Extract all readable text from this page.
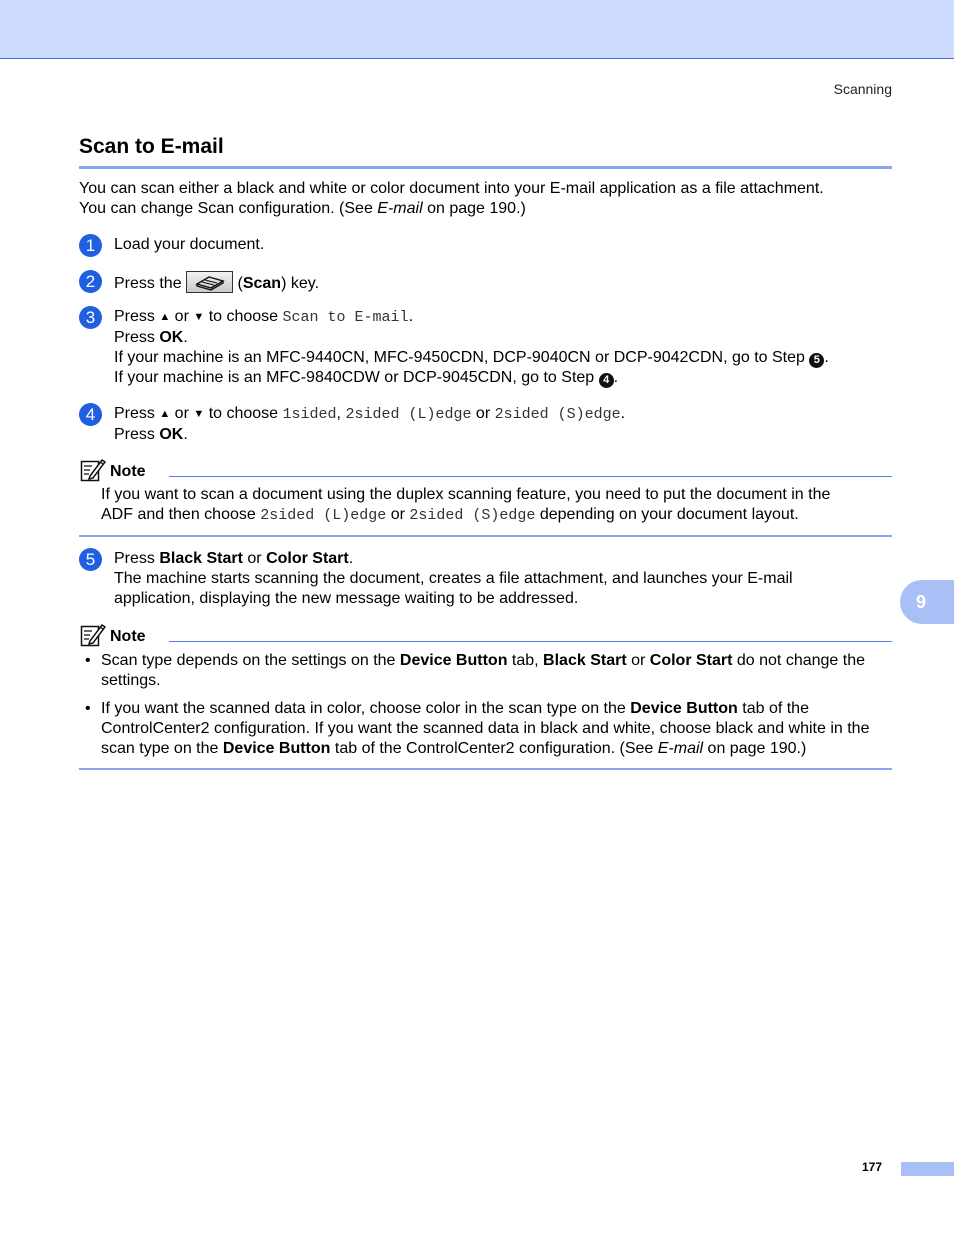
Scanning
Scan to E-mail

You can scan either a black and white or color document into your E-mail application as a file attachment.
You can change Scan configuration. (See E-mail on page 190.)

1	Load your document.
2	Press the	(Scan) key.
3	Press ▲ or ▼ to choose Scan to E-mail.
Press OK.
If your machine is an MFC-9440CN, MFC-9450CDN, DCP-9040CN or DCP-9042CDN, go to Step 5 .
If your machine is an MFC-9840CDW or DCP-9045CDN, go to Step 4 .
4	Press ▲ or ▼ to choose 1sided, 2sided (L)edge or 2sided (S)edge.
Press OK.
Note
If you want to scan a document using the duplex scanning feature, you need to put the document in the
ADF and then choose 2sided (L)edge or 2sided (S)edge depending on your document layout.
5	Press Black Start or Color Start.
The machine starts scanning the document, creates a file attachment, and launches your E-mail
application, displaying the new message waiting to be addressed.
Note
• Scan type depends on the settings on the Device Button tab, Black Start or Color Start do not change the settings.
• If you want the scanned data in color, choose color in the scan type on the Device Button tab of the ControlCenter2 configuration. If you want the scanned data in black and white, choose black and white in the scan type on the Device Button tab of the ControlCenter2 configuration. (See E-mail on page 190.)
9
177
